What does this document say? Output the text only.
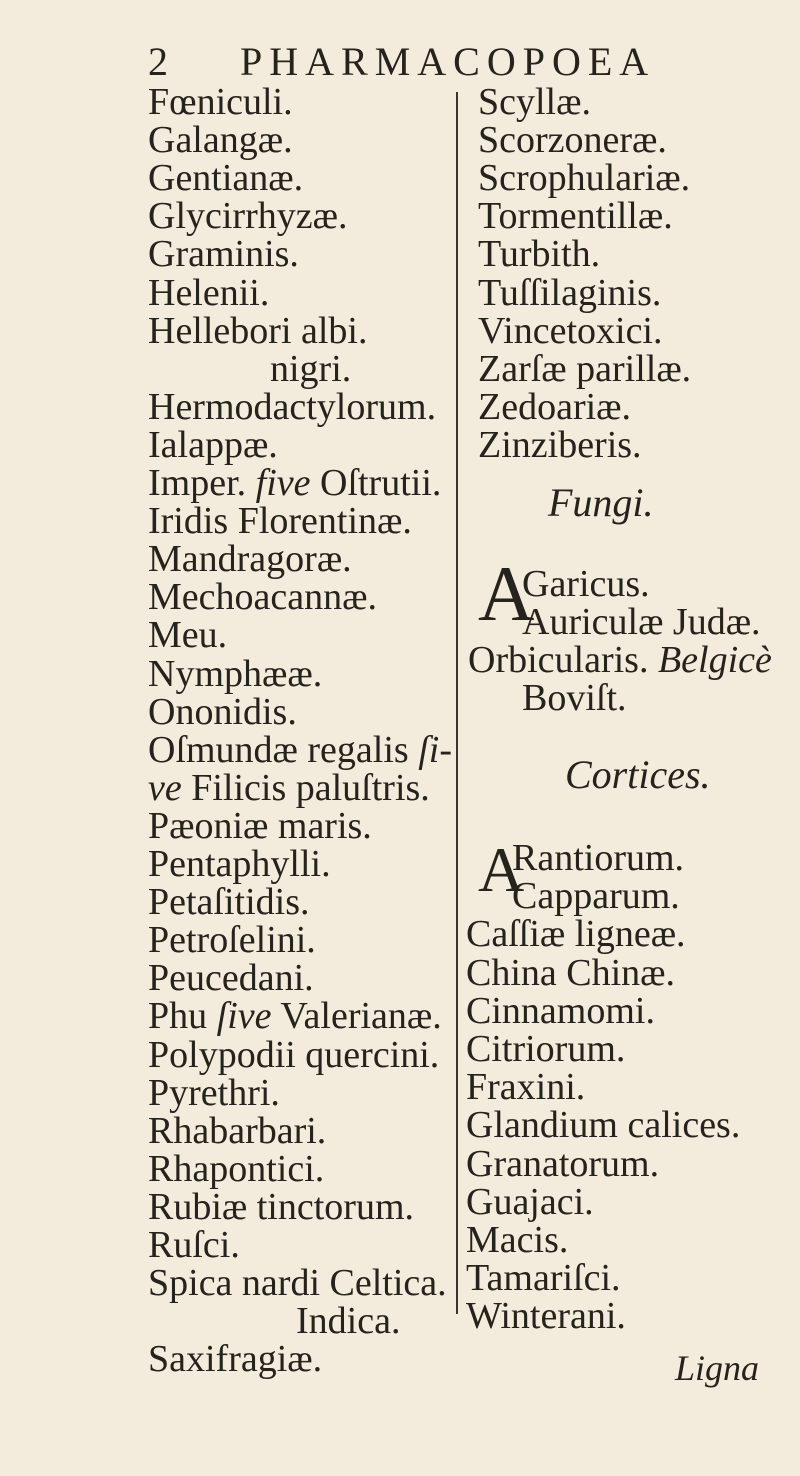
2 PHARMACOPOEA
Ligna
Fœniculi.
Galangæ.
Gentianæ.
Glycirrhyzæ.
Graminis.
Helenii.
Hellebori albi.
nigri.
Hermodactylorum.
Ialappæ.
Imper. five Oſtrutii.
Iridis Florentinæ.
Mandragoræ.
Mechoacannæ.
Meu.
Nymphææ.
Ononidis.
Oſmundæ regalis ſi-
ve Filicis paluſtris.
Pæoniæ maris.
Pentaphylli.
Petaſitidis.
Petroſelini.
Peucedani.
Phu ſive Valerianæ.
Polypodii quercini.
Pyrethri.
Rhabarbari.
Rhapontici.
Rubiæ tinctorum.
Ruſci.
Spica nardi Celtica.
Indica.
Saxifragiæ.
Scyllæ.
Scorzoneræ.
Scrophulariæ.
Tormentillæ.
Turbith.
Tuſſilaginis.
Vincetoxici.
Zarſæ parillæ.
Zedoariæ.
Zinziberis.
Fungi.
A
Garicus.
Auriculæ Judæ.
Orbicularis. Belgicè
Boviſt.
Cortices.
A
Rantiorum.
Capparum.
Caſſiæ ligneæ.
China Chinæ.
Cinnamomi.
Citriorum.
Fraxini.
Glandium calices.
Granatorum.
Guajaci.
Macis.
Tamariſci.
Winterani.
